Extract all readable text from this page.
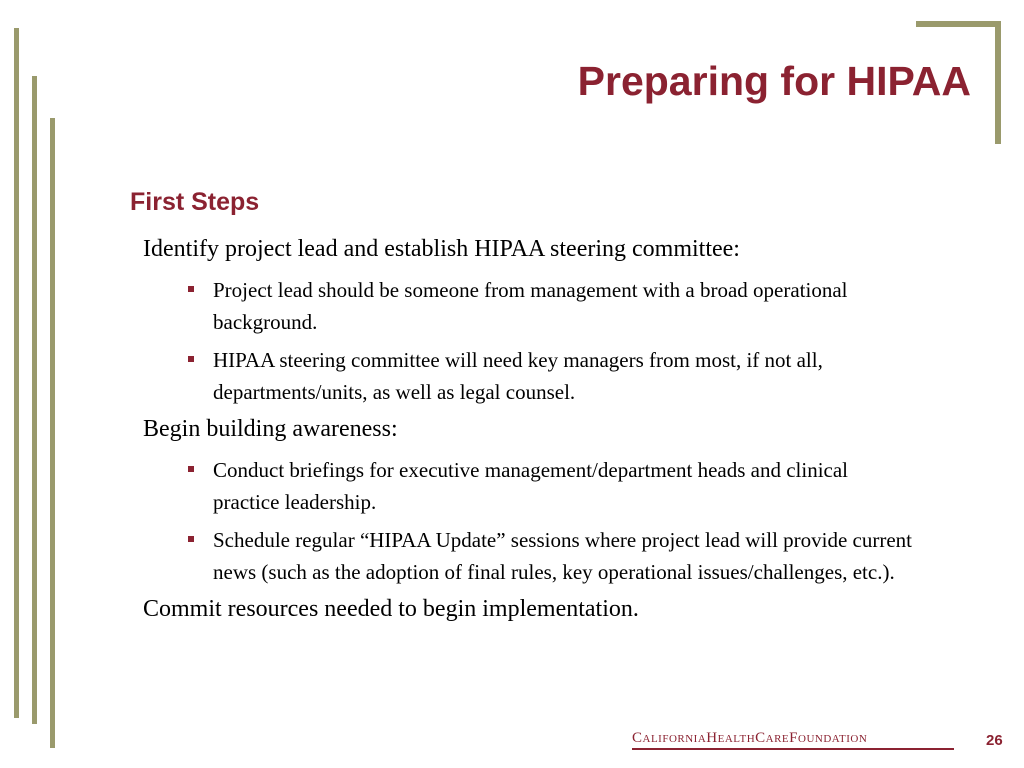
Preparing for HIPAA
First Steps
Identify project lead and establish HIPAA steering committee:
Project lead should be someone from management with a broad operational background.
HIPAA steering committee will need key managers from most, if not all, departments/units, as well as legal counsel.
Begin building awareness:
Conduct briefings for executive management/department heads and clinical practice leadership.
Schedule regular “HIPAA Update” sessions where project lead will provide current news (such as the adoption of final rules, key operational issues/challenges, etc.).
Commit resources needed to begin implementation.
CaliforniaHealthCareFoundation	26
